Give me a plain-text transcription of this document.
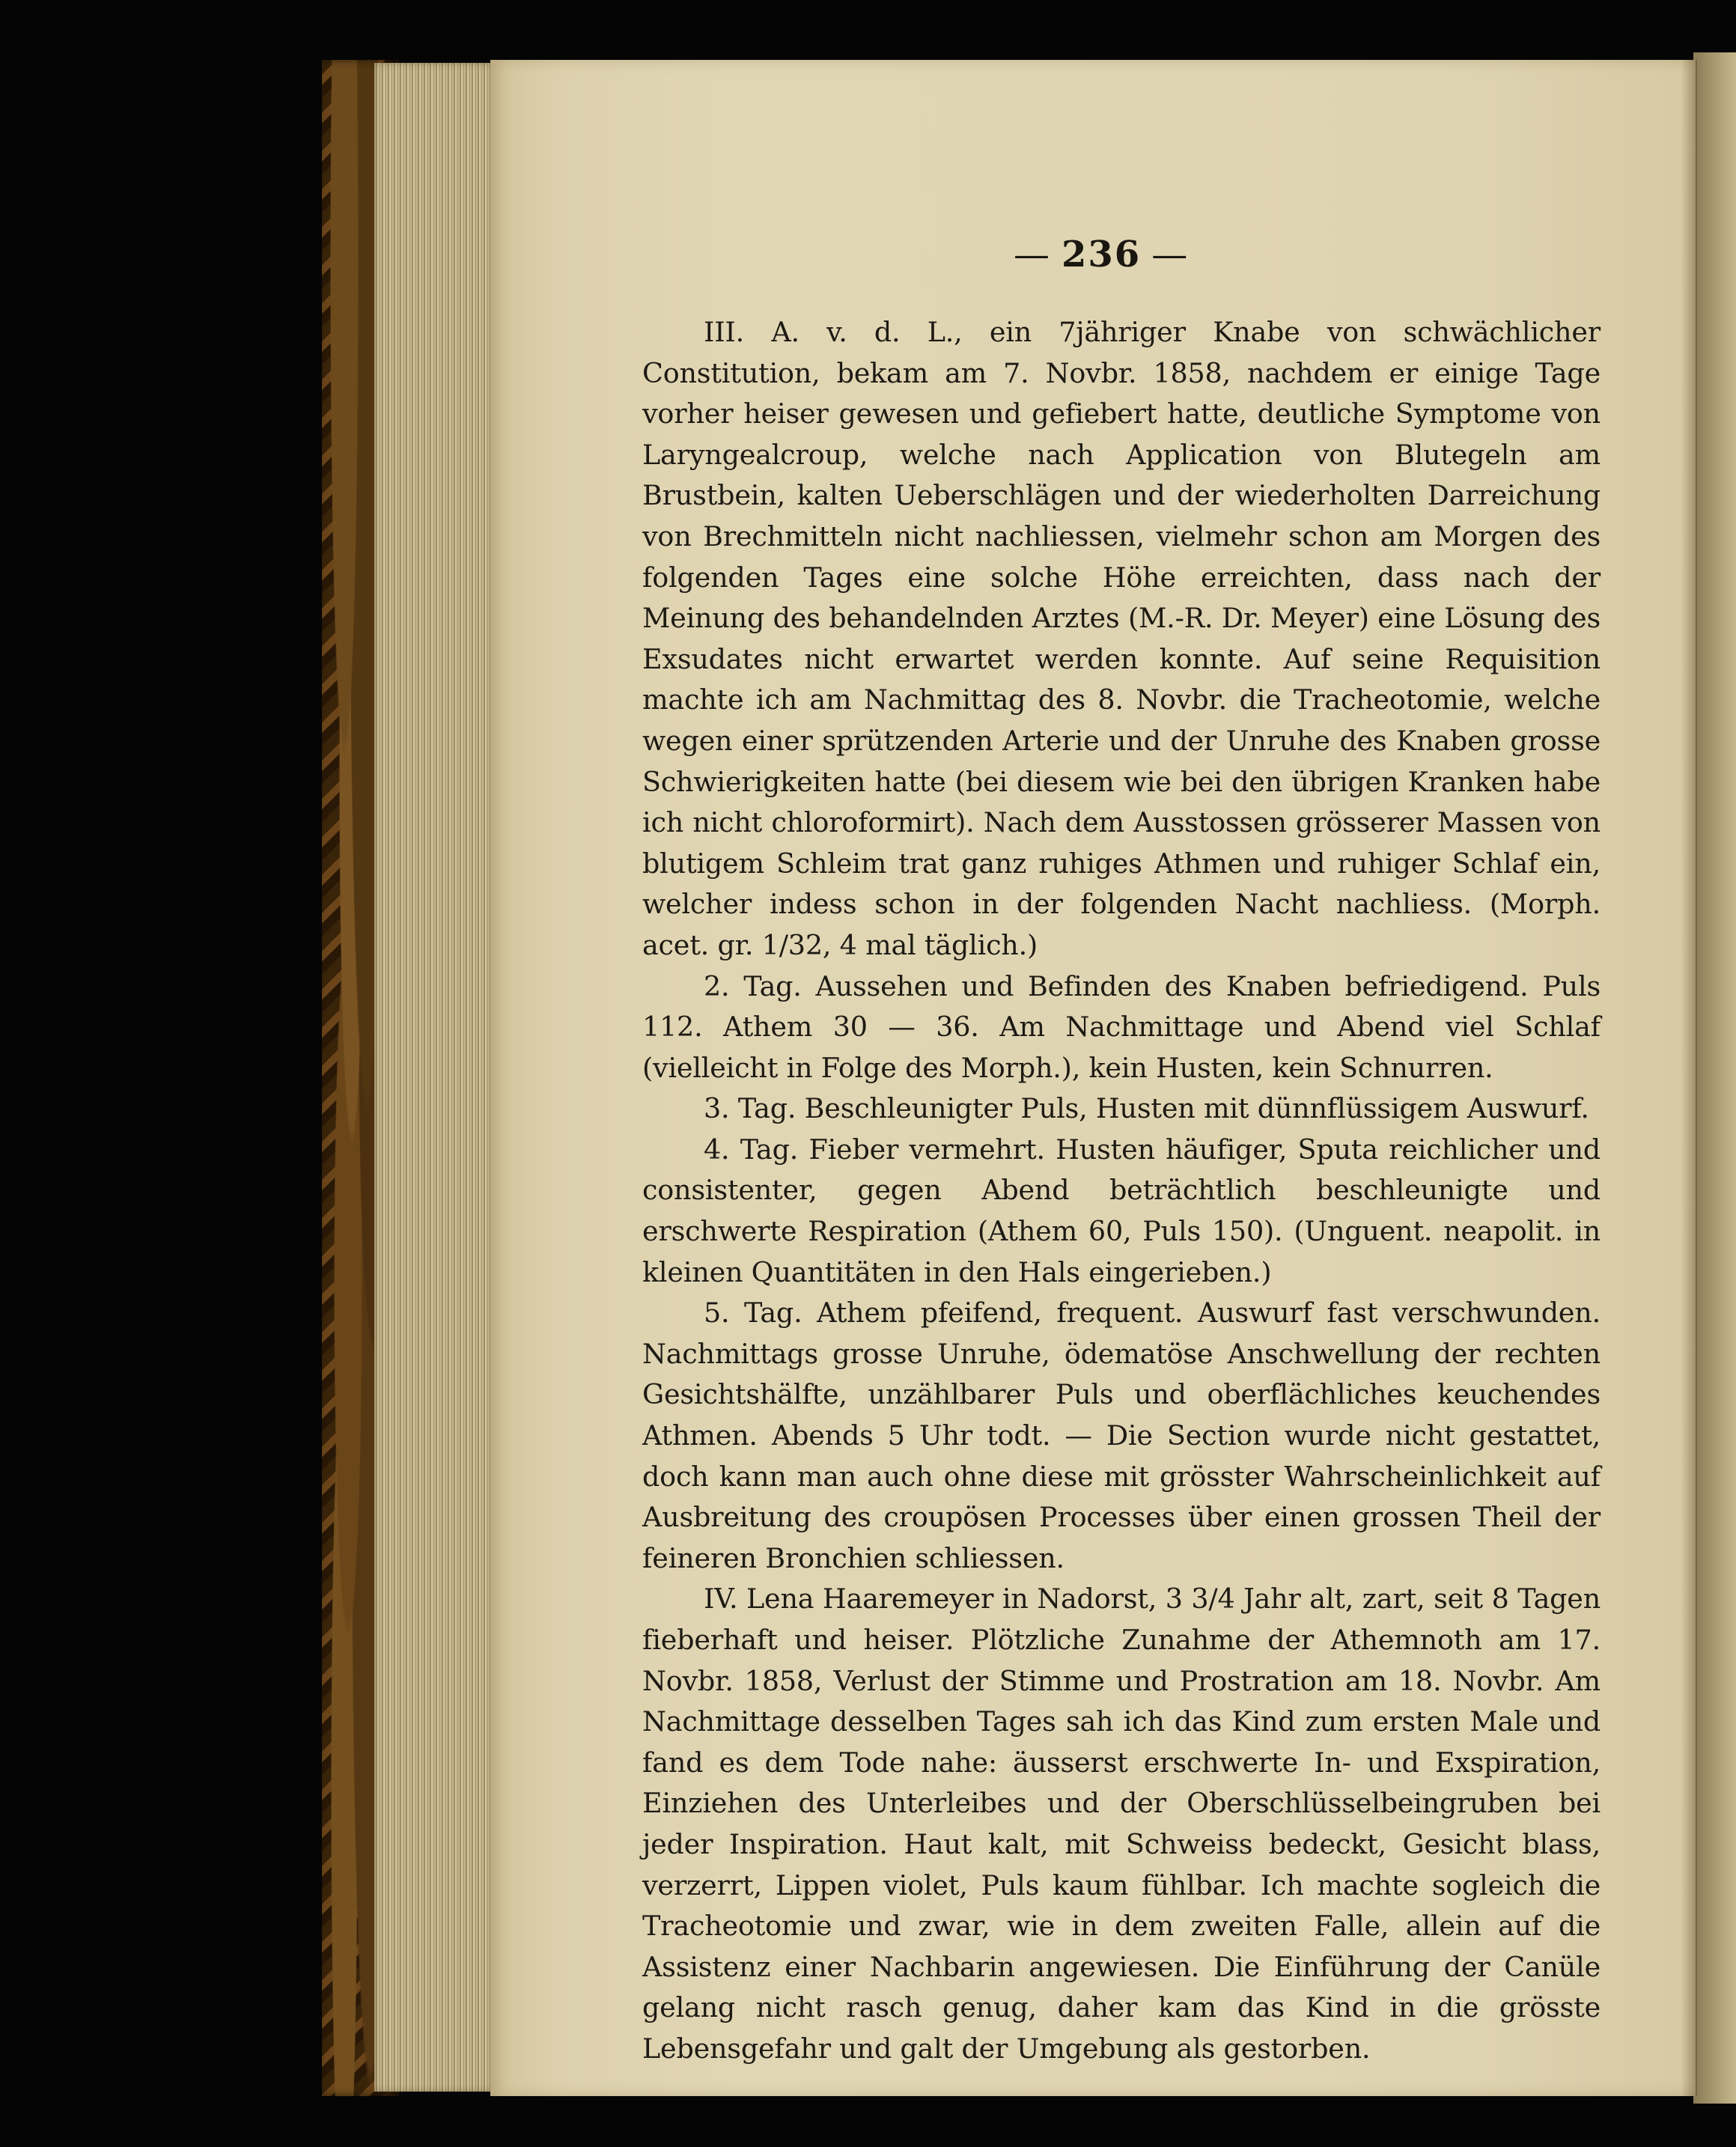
— 236 —

III. A. v. d. L., ein 7jähriger Knabe von schwächlicher Constitution, bekam am 7. Novbr. 1858, nachdem er einige Tage vorher heiser gewesen und gefiebert hatte, deutliche Symptome von Laryngealcroup, welche nach Application von Blutegeln am Brustbein, kalten Ueberschlägen und der wiederholten Darreichung von Brechmitteln nicht nachliessen, vielmehr schon am Morgen des folgenden Tages eine solche Höhe erreichten, dass nach der Meinung des behandelnden Arztes (M.-R. Dr. Meyer) eine Lösung des Exsudates nicht erwartet werden konnte. Auf seine Requisition machte ich am Nachmittag des 8. Novbr. die Tracheotomie, welche wegen einer sprützenden Arterie und der Unruhe des Knaben grosse Schwierigkeiten hatte (bei diesem wie bei den übrigen Kranken habe ich nicht chloroformirt). Nach dem Ausstossen grösserer Massen von blutigem Schleim trat ganz ruhiges Athmen und ruhiger Schlaf ein, welcher indess schon in der folgenden Nacht nachliess. (Morph. acet. gr. 1/32, 4 mal täglich.)

2. Tag. Aussehen und Befinden des Knaben befriedigend. Puls 112. Athem 30 — 36. Am Nachmittage und Abend viel Schlaf (vielleicht in Folge des Morph.), kein Husten, kein Schnurren.

3. Tag. Beschleunigter Puls, Husten mit dünnflüssigem Auswurf.

4. Tag. Fieber vermehrt. Husten häufiger, Sputa reichlicher und consistenter, gegen Abend beträchtlich beschleunigte und erschwerte Respiration (Athem 60, Puls 150). (Unguent. neapolit. in kleinen Quantitäten in den Hals eingerieben.)

5. Tag. Athem pfeifend, frequent. Auswurf fast verschwunden. Nachmittags grosse Unruhe, ödematöse Anschwellung der rechten Gesichtshälfte, unzählbarer Puls und oberflächliches keuchendes Athmen. Abends 5 Uhr todt. — Die Section wurde nicht gestattet, doch kann man auch ohne diese mit grösster Wahrscheinlichkeit auf Ausbreitung des croupösen Processes über einen grossen Theil der feineren Bronchien schliessen.

IV. Lena Haaremeyer in Nadorst, 3 3/4 Jahr alt, zart, seit 8 Tagen fieberhaft und heiser. Plötzliche Zunahme der Athemnoth am 17. Novbr. 1858, Verlust der Stimme und Prostration am 18. Novbr. Am Nachmittage desselben Tages sah ich das Kind zum ersten Male und fand es dem Tode nahe: äusserst erschwerte In- und Exspiration, Einziehen des Unterleibes und der Oberschlüsselbeingruben bei jeder Inspiration. Haut kalt, mit Schweiss bedeckt, Gesicht blass, verzerrt, Lippen violet, Puls kaum fühlbar. Ich machte sogleich die Tracheotomie und zwar, wie in dem zweiten Falle, allein auf die Assistenz einer Nachbarin angewiesen. Die Einführung der Canüle gelang nicht rasch genug, daher kam das Kind in die grösste Lebensgefahr und galt der Umgebung als gestorben.
